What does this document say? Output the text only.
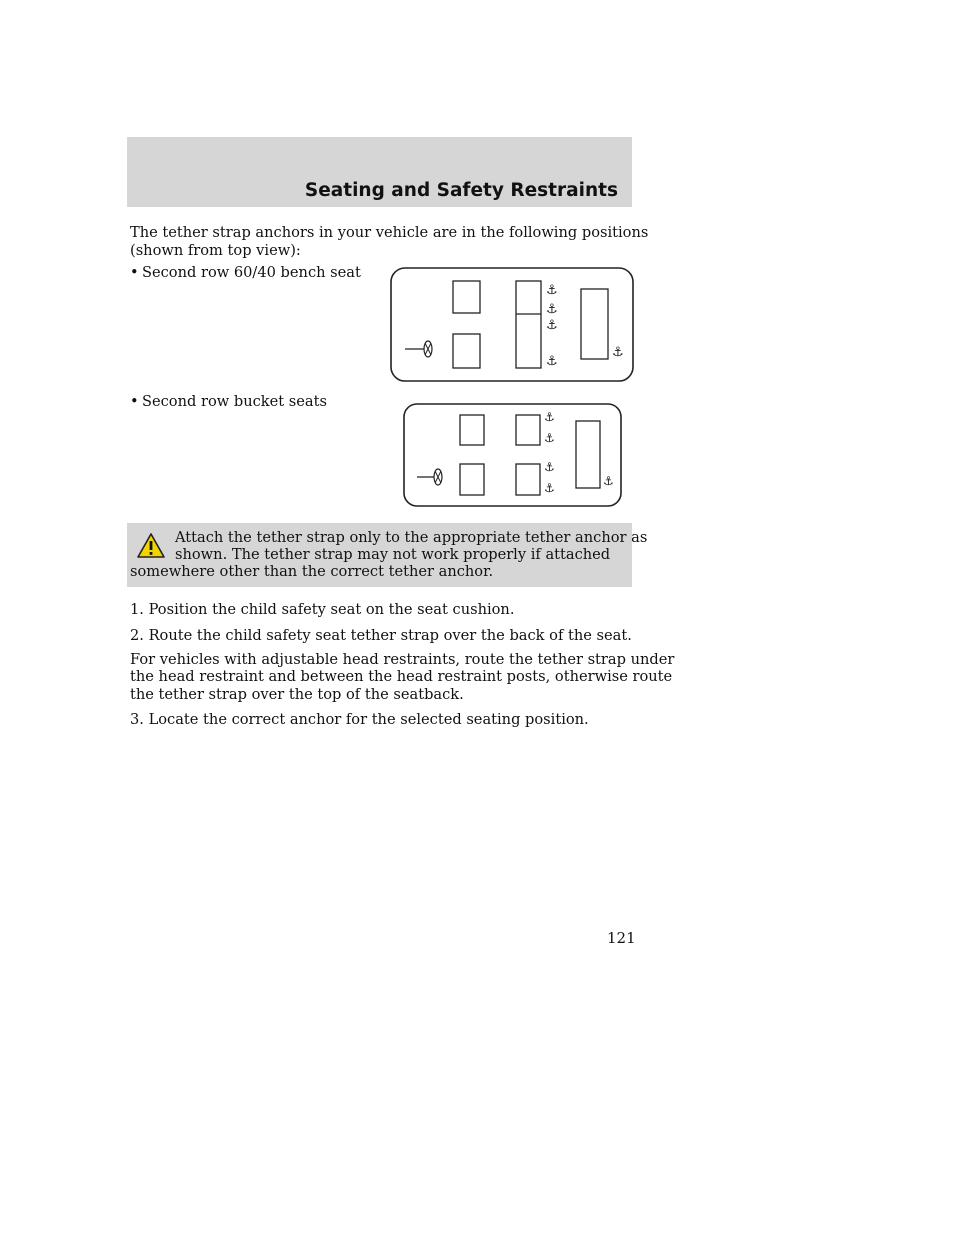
Seating and Safety Restraints
The tether strap anchors in your vehicle are in the following positions
(shown from top view):
• Second row 60/40 bench seat
⚓
⚓
⚓
⚓
⚓
• Second row bucket seats
⚓
⚓
⚓
⚓	⚓
Attach the tether strap only to the appropriate tether anchor as
shown. The tether strap may not work properly if attached
somewhere other than the correct tether anchor.
1. Position the child safety seat on the seat cushion.
2. Route the child safety seat tether strap over the back of the seat.
For vehicles with adjustable head restraints, route the tether strap under
the head restraint and between the head restraint posts, otherwise route
the tether strap over the top of the seatback.
3. Locate the correct anchor for the selected seating position.
121
